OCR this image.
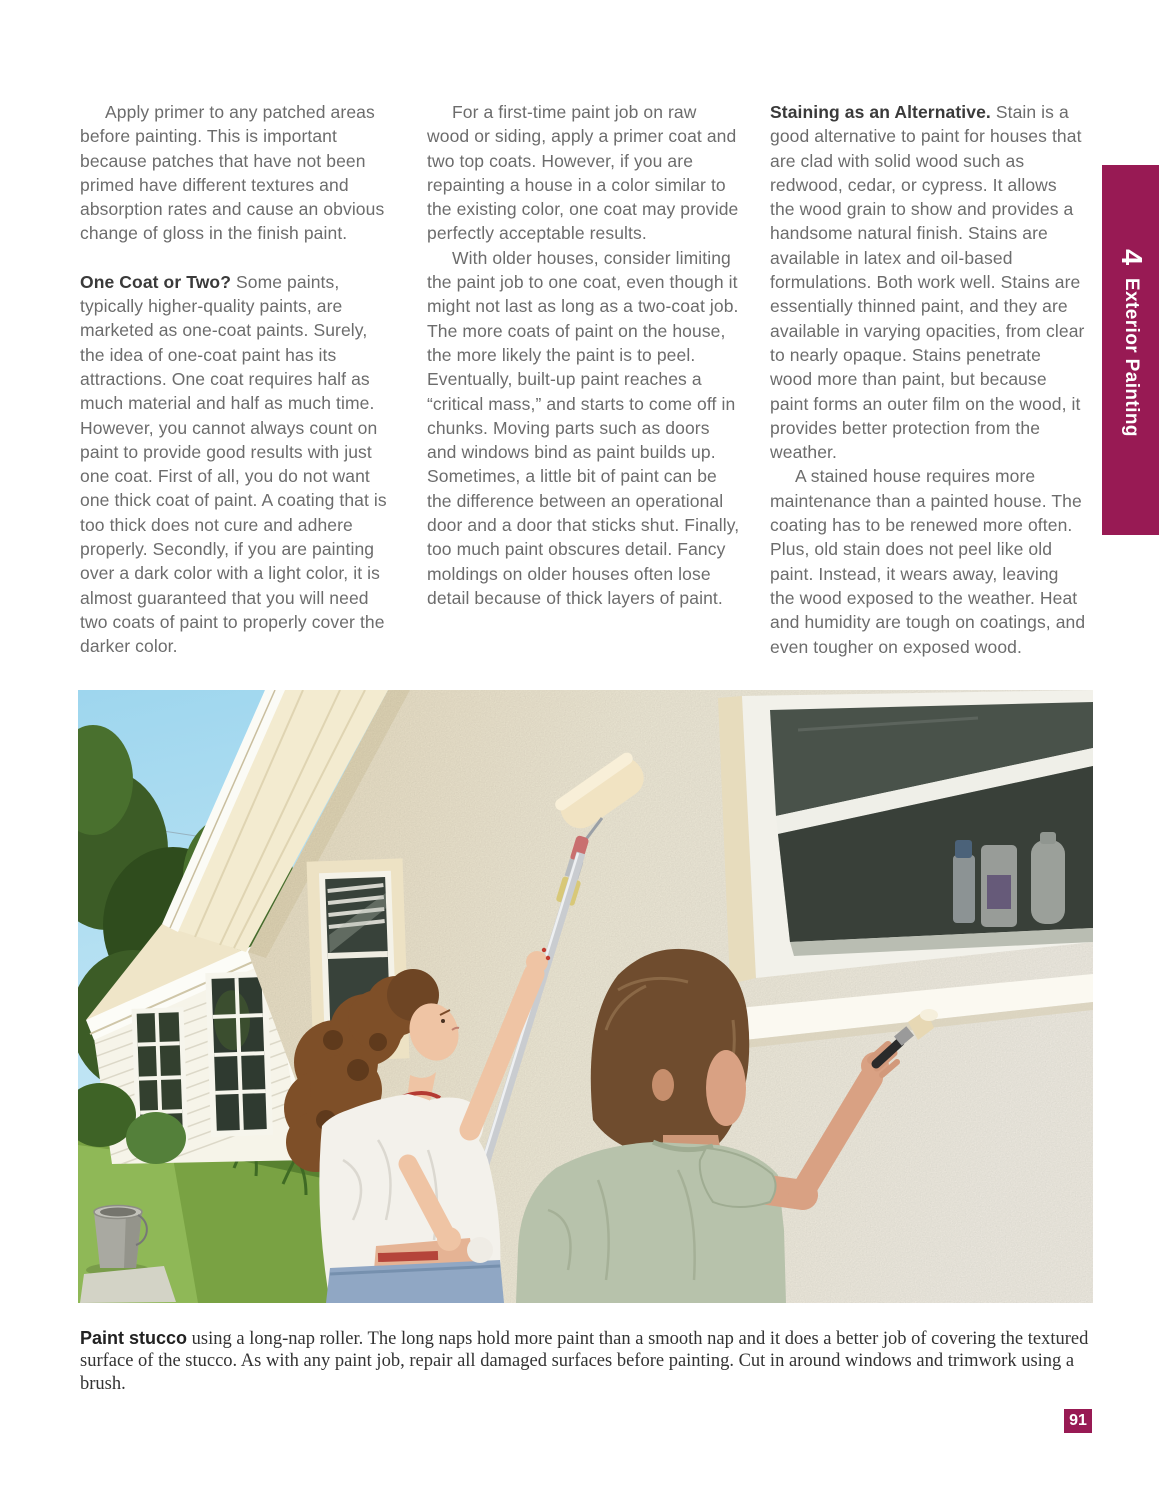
Apply primer to any patched areas before painting. This is important because patches that have not been primed have different textures and absorption rates and cause an obvious change of gloss in the finish paint.

One Coat or Two? Some paints, typically higher-quality paints, are marketed as one-coat paints. Surely, the idea of one-coat paint has its attractions. One coat requires half as much material and half as much time. However, you cannot always count on paint to provide good results with just one coat. First of all, you do not want one thick coat of paint. A coating that is too thick does not cure and adhere properly. Secondly, if you are painting over a dark color with a light color, it is almost guaranteed that you will need two coats of paint to properly cover the darker color.

For a first-time paint job on raw wood or siding, apply a primer coat and two top coats. However, if you are repainting a house in a color similar to the existing color, one coat may provide perfectly acceptable results.

With older houses, consider limiting the paint job to one coat, even though it might not last as long as a two-coat job. The more coats of paint on the house, the more likely the paint is to peel. Eventually, built-up paint reaches a “critical mass,” and starts to come off in chunks. Moving parts such as doors and windows bind as paint builds up. Sometimes, a little bit of paint can be the difference between an operational door and a door that sticks shut. Finally, too much paint obscures detail. Fancy moldings on older houses often lose detail because of thick layers of paint.

Staining as an Alternative. Stain is a good alternative to paint for houses that are clad with solid wood such as redwood, cedar, or cypress. It allows the wood grain to show and provides a handsome natural finish. Stains are available in latex and oil-based formulations. Both work well. Stains are essentially thinned paint, and they are available in varying opacities, from clear to nearly opaque. Stains penetrate wood more than paint, but because paint forms an outer film on the wood, it provides better protection from the weather.

A stained house requires more maintenance than a painted house. The coating has to be renewed more often. Plus, old stain does not peel like old paint. Instead, it wears away, leaving the wood exposed to the weather. Heat and humidity are tough on coatings, and even tougher on exposed wood.

4Exterior Painting

Paint stucco using a long-nap roller. The long naps hold more paint than a smooth nap and it does a better job of covering the textured surface of the stucco. As with any paint job, repair all damaged surfaces before painting. Cut in around windows and trimwork using a brush.

91
